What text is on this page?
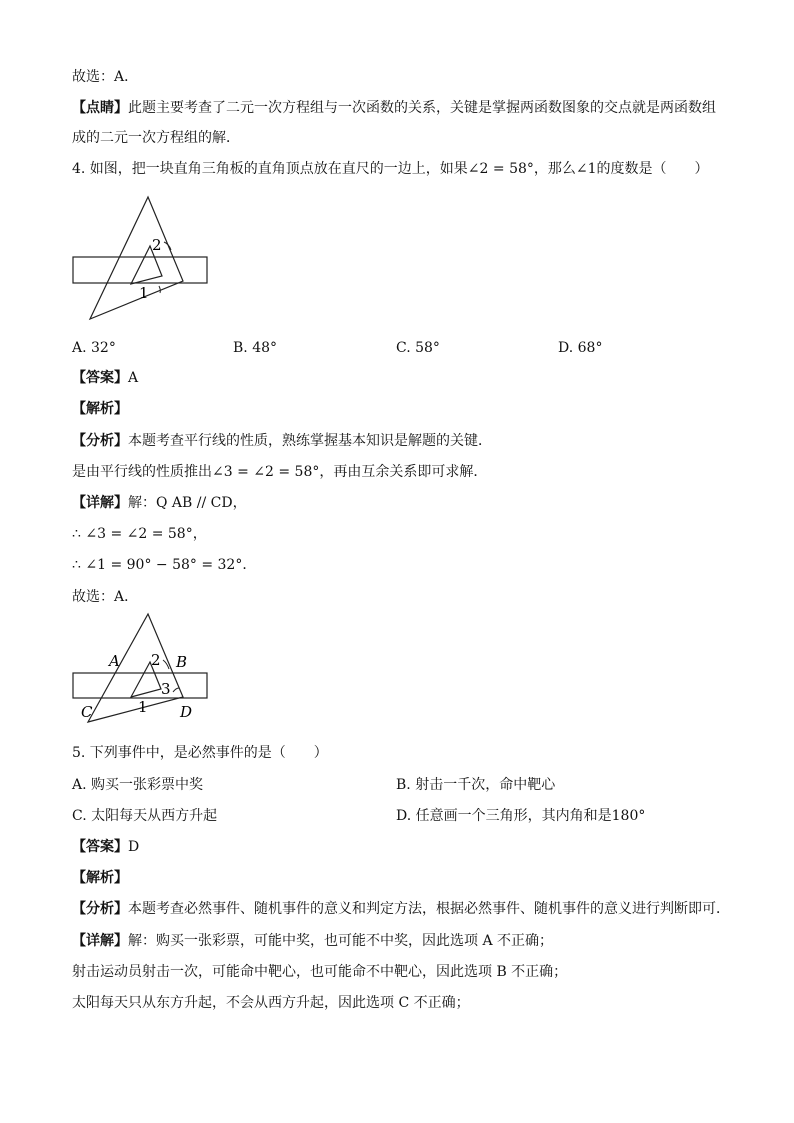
故选：A．
【点睛】此题主要考查了二元一次方程组与一次函数的关系，关键是掌握两函数图象的交点就是两函数组
成的二元一次方程组的解．
4. 如图，把一块直角三角板的直角顶点放在直尺的一边上，如果∠2 = 58°，那么∠1的度数是（　　）
2
1
A. 32°	B. 48°	C. 58°	D. 68°
【答案】A
【解析】
【分析】本题考查平行线的性质，熟练掌握基本知识是解题的关键．
是由平行线的性质推出∠3 = ∠2 = 58°，再由互余关系即可求解．
【详解】解：Q AB // CD，
∴ ∠3 = ∠2 = 58°，
∴ ∠1 = 90° − 58° = 32°．
故选：A．
A 2 B
3
C	1 D
5. 下列事件中，是必然事件的是（　　）
A. 购买一张彩票中奖	B. 射击一千次，命中靶心
C. 太阳每天从西方升起	D. 任意画一个三角形，其内角和是180°
【答案】D
【解析】
【分析】本题考查必然事件、随机事件的意义和判定方法，根据必然事件、随机事件的意义进行判断即可．
【详解】解：购买一张彩票，可能中奖，也可能不中奖，因此选项 A 不正确；
射击运动员射击一次，可能命中靶心，也可能命不中靶心，因此选项 B 不正确；
太阳每天只从东方升起，不会从西方升起，因此选项 C 不正确；
